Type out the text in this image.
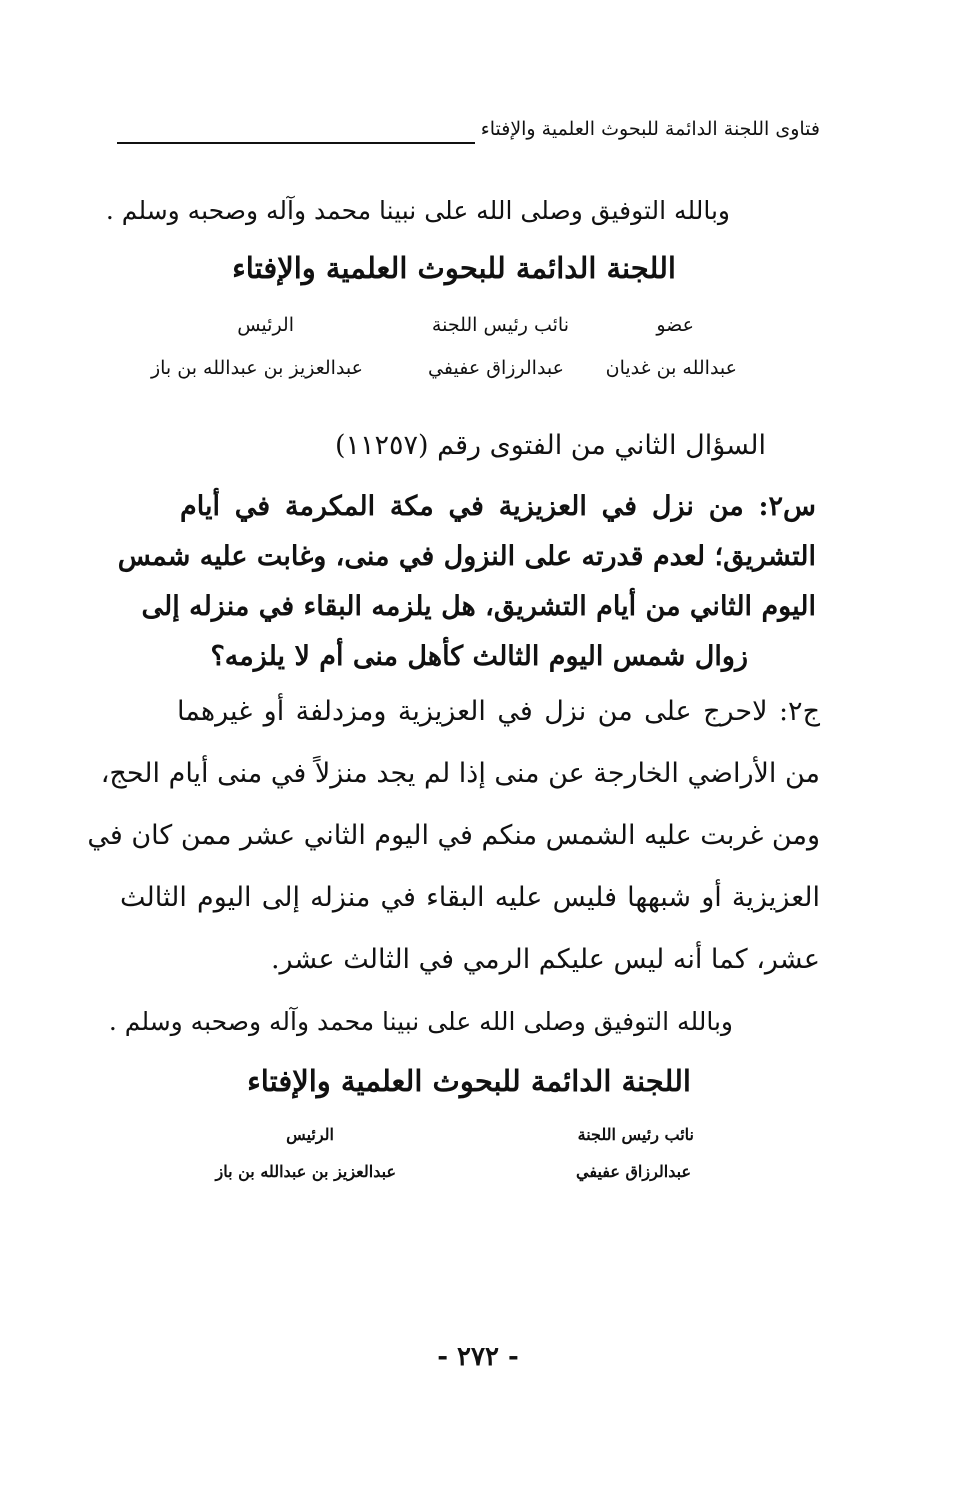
فتاوى اللجنة الدائمة للبحوث العلمية والإفتاء
وبالله التوفيق وصلى الله على نبينا محمد وآله وصحبه وسلم .
اللجنة الدائمة للبحوث العلمية والإفتاء
عضو
نائب رئيس اللجنة
الرئيس
عبدالله بن غديان
عبدالرزاق عفيفي
عبدالعزيز بن عبدالله بن باز
السؤال الثاني من الفتوى رقم (١١٢٥٧)
س٢: من نزل في العزيزية في مكة المكرمة في أيام
التشريق؛ لعدم قدرته على النزول في منى، وغابت عليه شمس
اليوم الثاني من أيام التشريق، هل يلزمه البقاء في منزله إلى
زوال شمس اليوم الثالث كأهل منى أم لا يلزمه؟
ج٢: لاحرج على من نزل في العزيزية ومزدلفة أو غيرهما
من الأراضي الخارجة عن منى إذا لم يجد منزلاً في منى أيام الحج،
ومن غربت عليه الشمس منكم في اليوم الثاني عشر ممن كان في
العزيزية أو شبهها فليس عليه البقاء في منزله إلى اليوم الثالث
عشر، كما أنه ليس عليكم الرمي في الثالث عشر.
وبالله التوفيق وصلى الله على نبينا محمد وآله وصحبه وسلم .
اللجنة الدائمة للبحوث العلمية والإفتاء
نائب رئيس اللجنة
الرئيس
عبدالرزاق عفيفي
عبدالعزيز بن عبدالله بن باز
- ٢٧٢ -
